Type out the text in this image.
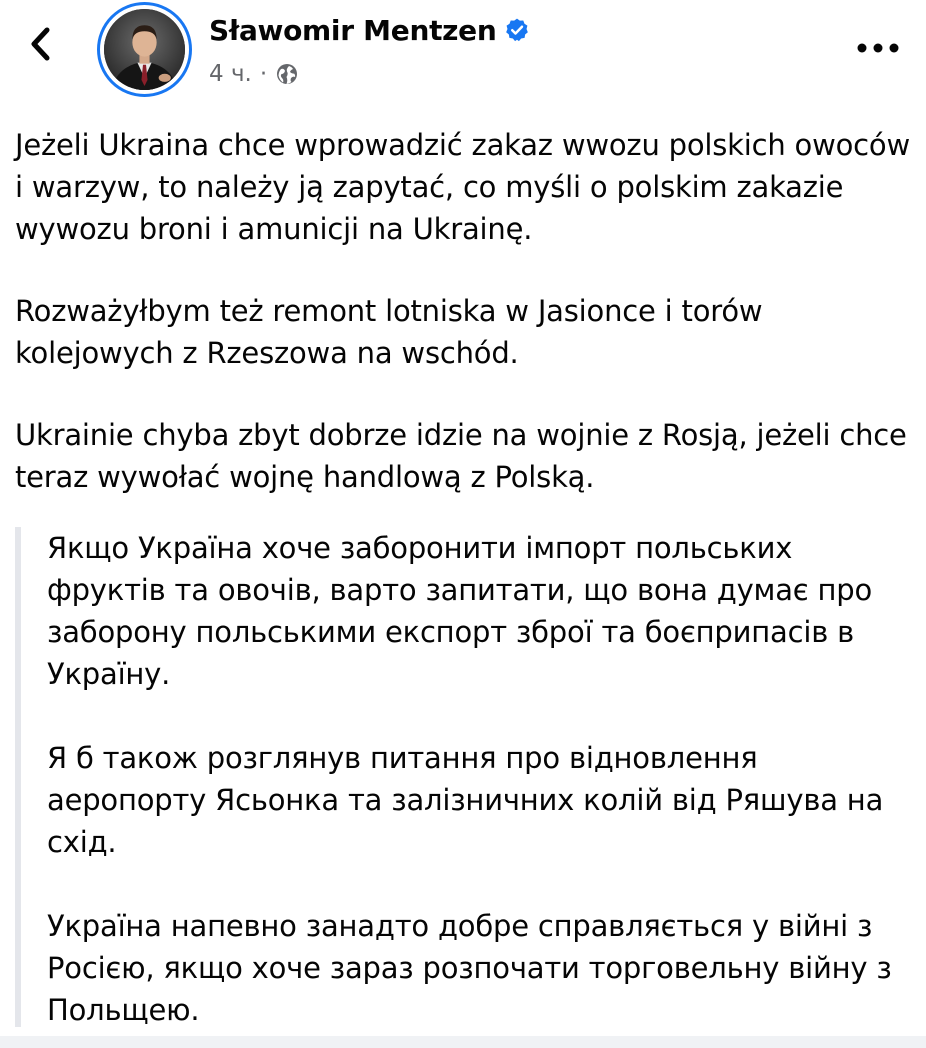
Sławomir Mentzen
4 ч. ·

Jeżeli Ukraina chce wprowadzić zakaz wwozu polskich owoców i warzyw, to należy ją zapytać, co myśli o polskim zakazie wywozu broni i amunicji na Ukrainę.

Rozważyłbym też remont lotniska w Jasionce i torów kolejowych z Rzeszowa na wschód.

Ukrainie chyba zbyt dobrze idzie na wojnie z Rosją, jeżeli chce teraz wywołać wojnę handlową z Polską.

Якщо Україна хоче заборонити імпорт польських фруктів та овочів, варто запитати, що вона думає про заборону польськими експорт зброї та боєприпасів в Україну.

Я б також розглянув питання про відновлення аеропорту Ясьонка та залізничних колій від Ряшува на схід.

Україна напевно занадто добре справляється у війні з Росією, якщо хоче зараз розпочати торговельну війну з Польщею.
